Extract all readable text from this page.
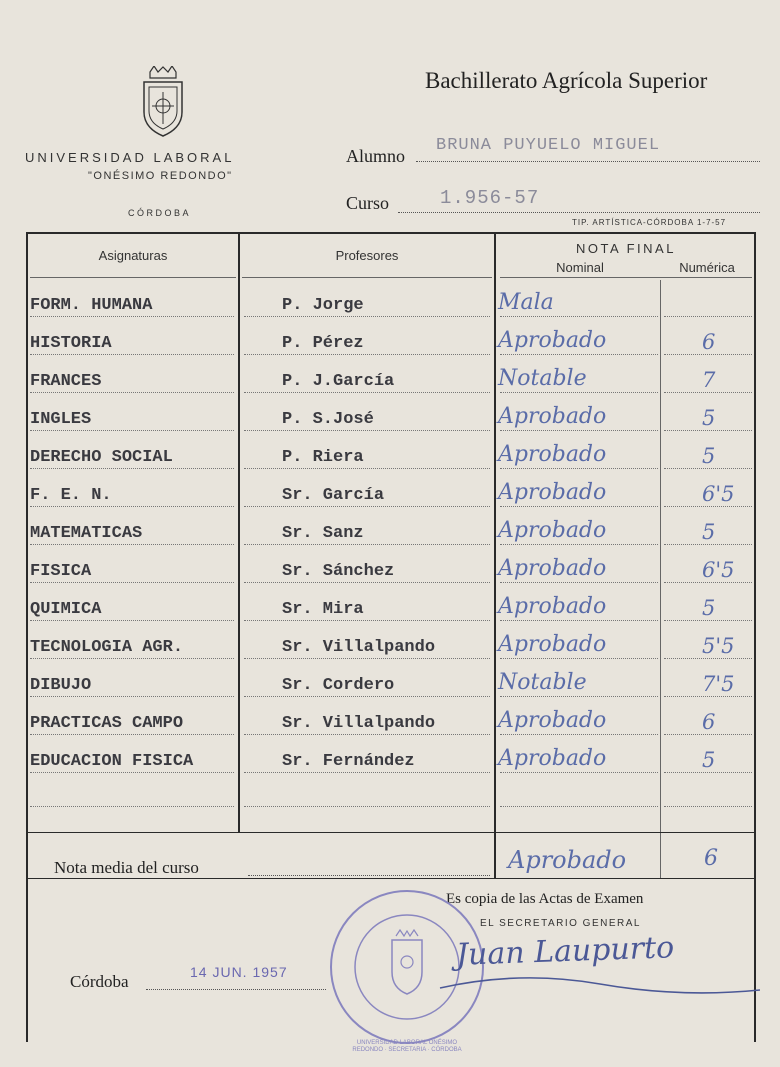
UNIVERSIDAD LABORAL
"ONÉSIMO REDONDO"
CÓRDOBA
Bachillerato Agrícola Superior
Alumno
BRUNA PUYUELO MIGUEL
Curso	1.956-57
TIP. ARTÍSTICA-CÓRDOBA 1-7-57
Asignaturas	Profesores	NOTA FINAL
Nominal	Numérica
FORM. HUMANA	P. Jorge	Mala
HISTORIA	P. Pérez	Aprobado	6
FRANCES	P. J.García	Notable	7
INGLES	P. S.José	Aprobado	5
DERECHO SOCIAL	P. Riera	Aprobado	5
F. E. N.	Sr. García	Aprobado	6'5
MATEMATICAS	Sr. Sanz	Aprobado	5
FISICA	Sr. Sánchez	Aprobado	6'5
QUIMICA	Sr. Mira	Aprobado	5
TECNOLOGIA AGR.	Sr. Villalpando	Aprobado	5'5
DIBUJO	Sr. Cordero	Notable	7'5
PRACTICAS CAMPO	Sr. Villalpando	Aprobado	6
EDUCACION FISICA	Sr. Fernández	Aprobado	5
Nota media del curso	Aprobado	6
Es copia de las Actas de Examen
EL SECRETARIO GENERAL
Córdoba	14 JUN. 1957
UNIVERSIDAD LABORAL ONÉSIMO REDONDO · SECRETARIA · CÓRDOBA
Juan Laupurto
